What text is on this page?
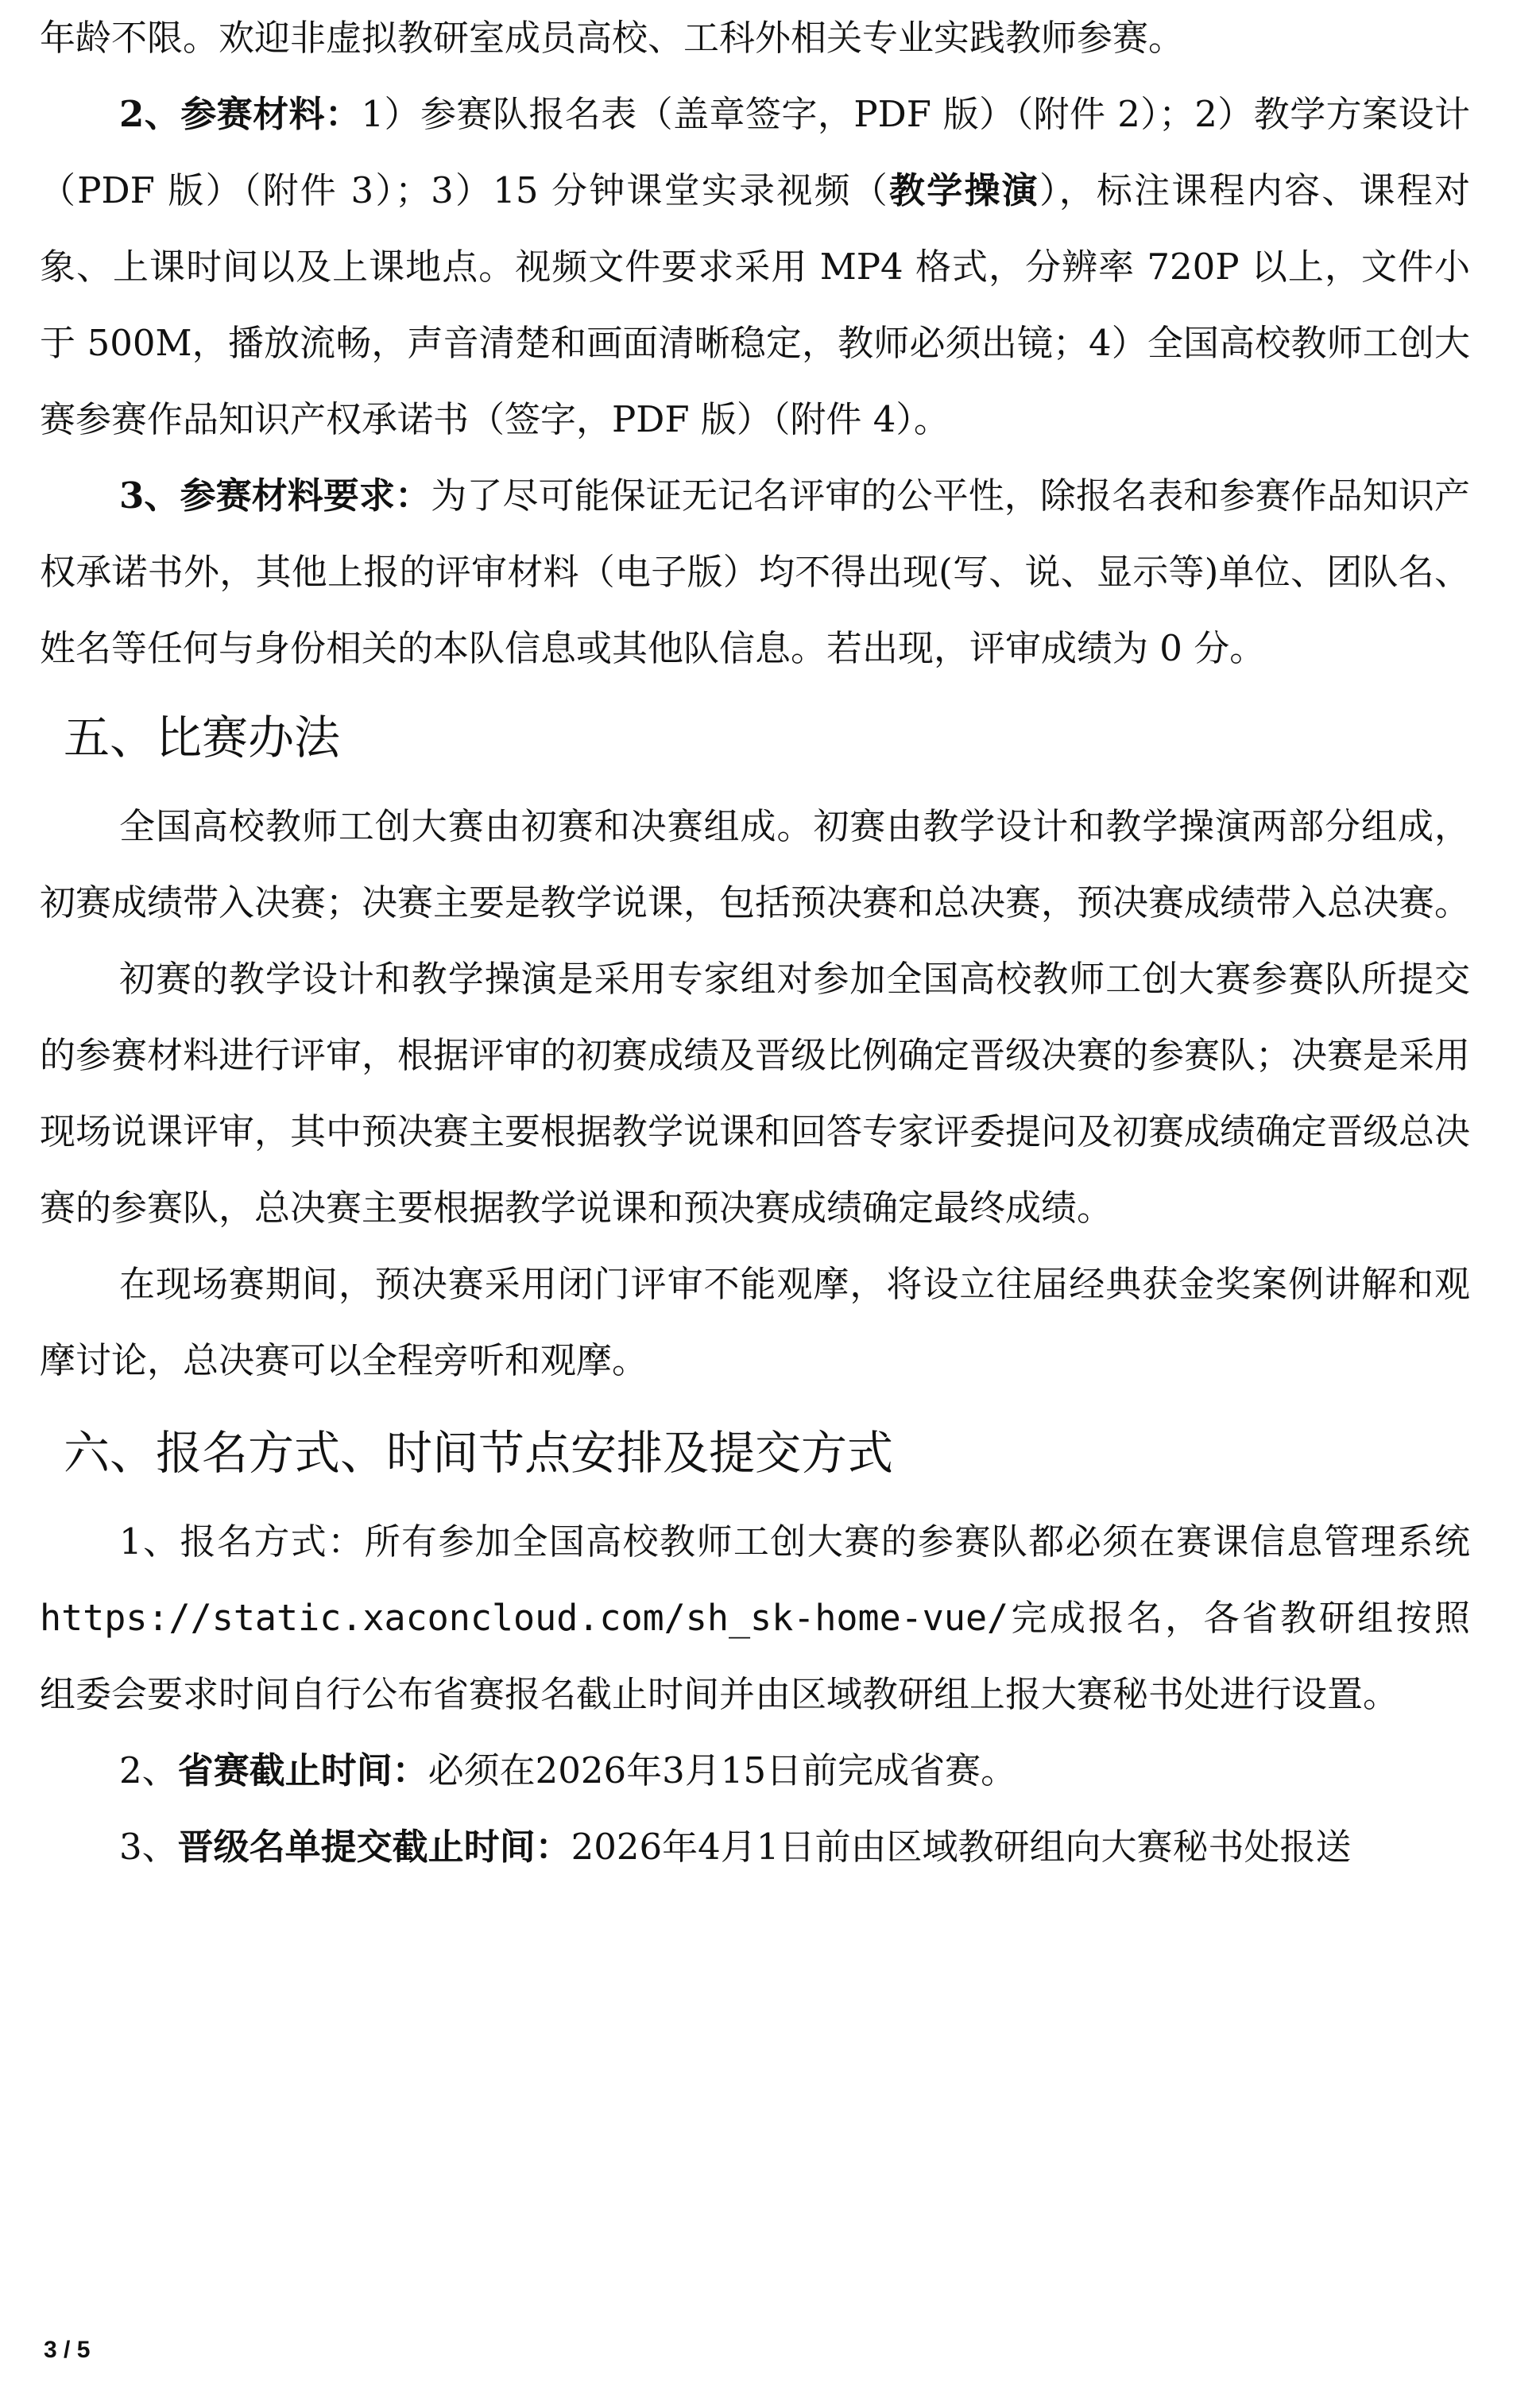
年龄不限。欢迎非虚拟教研室成员高校、工科外相关专业实践教师参赛。

2、参赛材料：1）参赛队报名表（盖章签字，PDF 版）（附件 2）；2）教学方案设计（PDF 版）（附件 3）；3）15 分钟课堂实录视频（教学操演），标注课程内容、课程对象、上课时间以及上课地点。视频文件要求采用 MP4 格式，分辨率 720P 以上，文件小于 500M，播放流畅，声音清楚和画面清晰稳定，教师必须出镜；4）全国高校教师工创大赛参赛作品知识产权承诺书（签字，PDF 版）（附件 4）。

3、参赛材料要求：为了尽可能保证无记名评审的公平性，除报名表和参赛作品知识产权承诺书外，其他上报的评审材料（电子版）均不得出现(写、说、显示等)单位、团队名、姓名等任何与身份相关的本队信息或其他队信息。若出现，评审成绩为 0 分。

五、比赛办法

全国高校教师工创大赛由初赛和决赛组成。初赛由教学设计和教学操演两部分组成，初赛成绩带入决赛；决赛主要是教学说课，包括预决赛和总决赛，预决赛成绩带入总决赛。

初赛的教学设计和教学操演是采用专家组对参加全国高校教师工创大赛参赛队所提交的参赛材料进行评审，根据评审的初赛成绩及晋级比例确定晋级决赛的参赛队；决赛是采用现场说课评审，其中预决赛主要根据教学说课和回答专家评委提问及初赛成绩确定晋级总决赛的参赛队，总决赛主要根据教学说课和预决赛成绩确定最终成绩。

在现场赛期间，预决赛采用闭门评审不能观摩，将设立往届经典获金奖案例讲解和观摩讨论，总决赛可以全程旁听和观摩。

六、报名方式、时间节点安排及提交方式

1、报名方式：所有参加全国高校教师工创大赛的参赛队都必须在赛课信息管理系统https://static.xaconcloud.com/sh_sk-home-vue/完成报名，各省教研组按照组委会要求时间自行公布省赛报名截止时间并由区域教研组上报大赛秘书处进行设置。

2、省赛截止时间：必须在2026年3月15日前完成省赛。

3、晋级名单提交截止时间：2026年4月1日前由区域教研组向大赛秘书处报送

3 / 5
